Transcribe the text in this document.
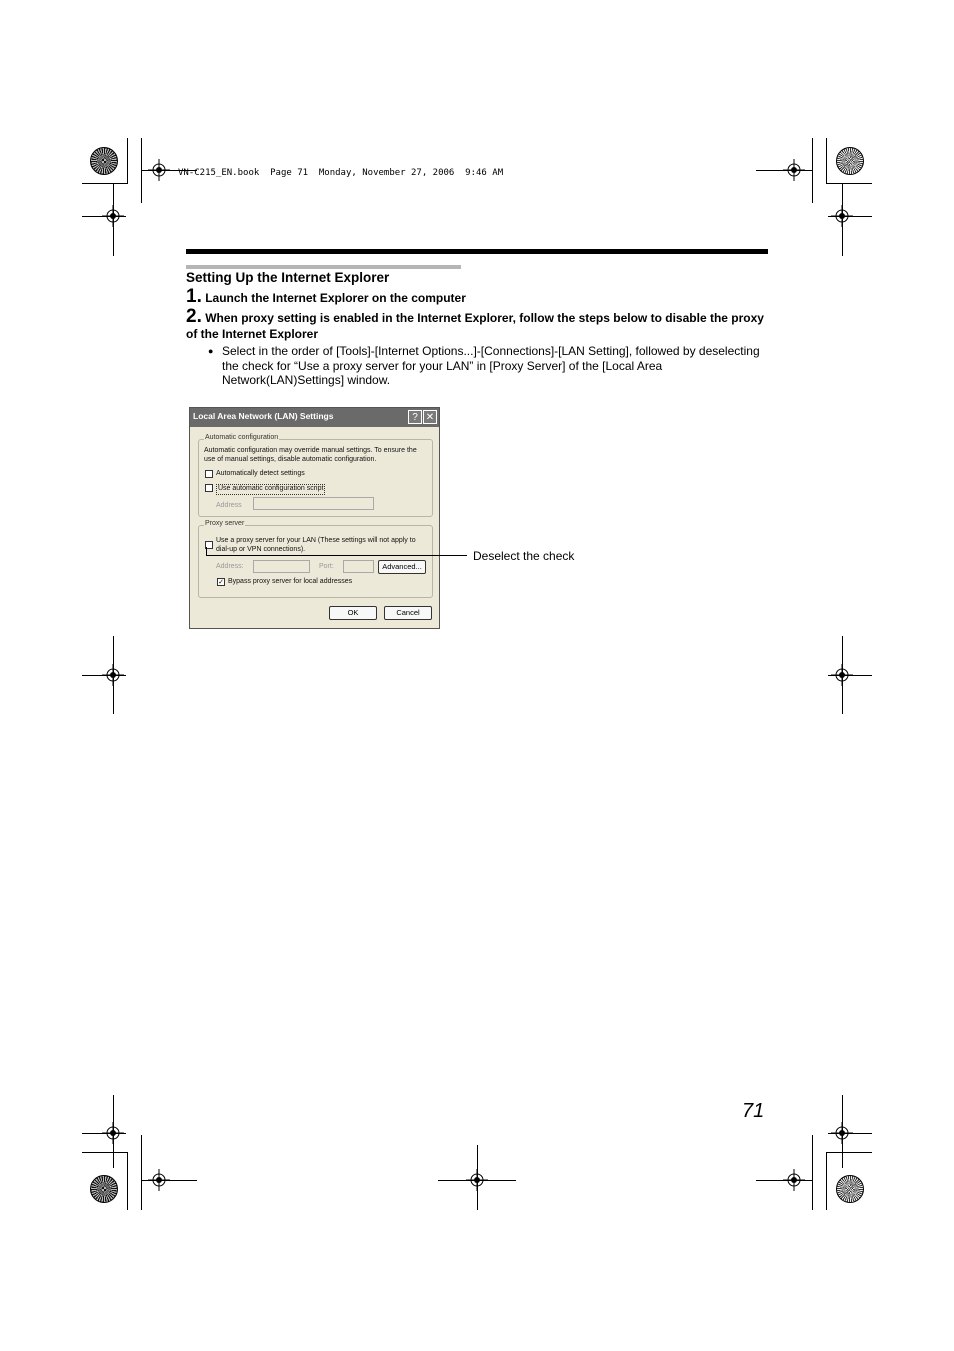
VN-C215_EN.book  Page 71  Monday, November 27, 2006  9:46 AM
Setting Up the Internet Explorer
1. Launch the Internet Explorer on the computer
2. When proxy setting is enabled in the Internet Explorer, follow the steps below to disable the proxy of the Internet Explorer
● Select in the order of [Tools]-[Internet Options...]-[Connections]-[LAN Setting], followed by deselecting the check for “Use a proxy server for your LAN” in [Proxy Server] of the [Local Area Network(LAN)Settings] window.
Local Area Network (LAN) Settings	? ✕
Automatic configuration
Automatic configuration may override manual settings. To ensure the use of manual settings, disable automatic configuration.
Automatically detect settings
Use automatic configuration script
Address
Proxy server
Use a proxy server for your LAN (These settings will not apply to dial-up or VPN connections).
Address:	Port:	Advanced...
✓ Bypass proxy server for local addresses
OK	Cancel
Deselect the check
71
